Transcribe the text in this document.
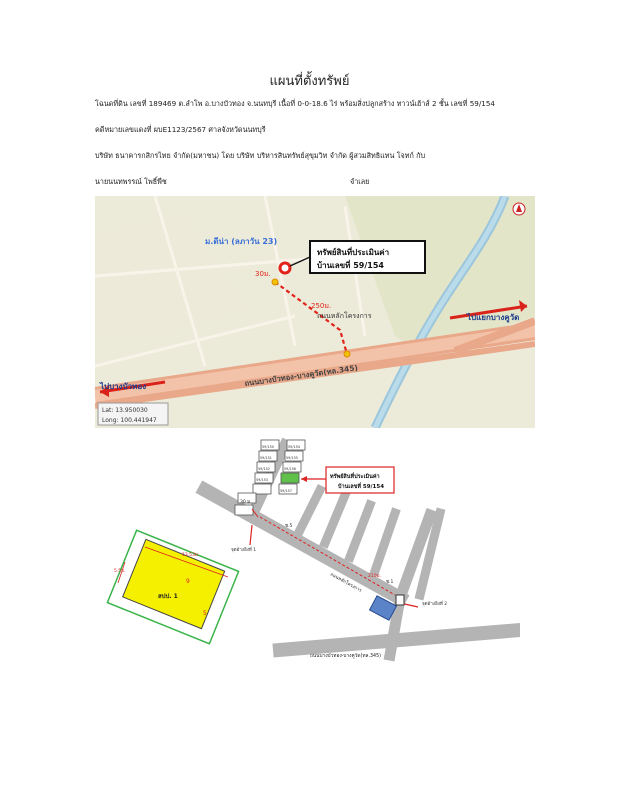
แผนที่ตั้งทรัพย์
โฉนดที่ดิน เลขที่ 189469 ต.ลำโพ อ.บางบัวทอง จ.นนทบุรี เนื้อที่ 0-0-18.6 ไร่ พร้อมสิ่งปลูกสร้าง ทาวน์เฮ้าส์ 2 ชั้น เลขที่ 59/154
คดีหมายเลขแดงที่ ผบE1123/2567 ศาลจังหวัดนนทบุรี
บริษัท ธนาคารกสิกรไทย จำกัด(มหาชน) โดย บริษัท บริหารสินทรัพย์สุขุมวิท จำกัด ผู้สวมสิทธิแทน โจทก์ กับ
นายนนทพรรณ์ โพธิ์พืช	จำเลย
Lat: 13.950030
Long: 100.441947
ม.ดีน่า (ลภาวัน 23)
ทรัพย์สินที่ประเมินค่า
บ้านเลขที่ 59/154
30ม.
250ม.
ถนนหลักโครงการ
ถนนบางบัวทอง-บางคูวัด(ทล.345)
ไปแยกบางคูวัด
ไปบางบัวทอง
ทรัพย์สินที่ประเมินค่า
บ้านเลขที่ 59/154
จุดอ้างอิงที่ 1
จุดอ้างอิงที่ 2
ถนนหลักโครงการ
ถนนบางบัวทอง-บางคูวัด(ทล.345)
30 ม.
210ม.
ช.5
ช.1
สปป. 1
5.5ม.
13.53ม.
9
5
59/150
59/151
59/152
59/153
59/154
59/155
59/156
59/157
